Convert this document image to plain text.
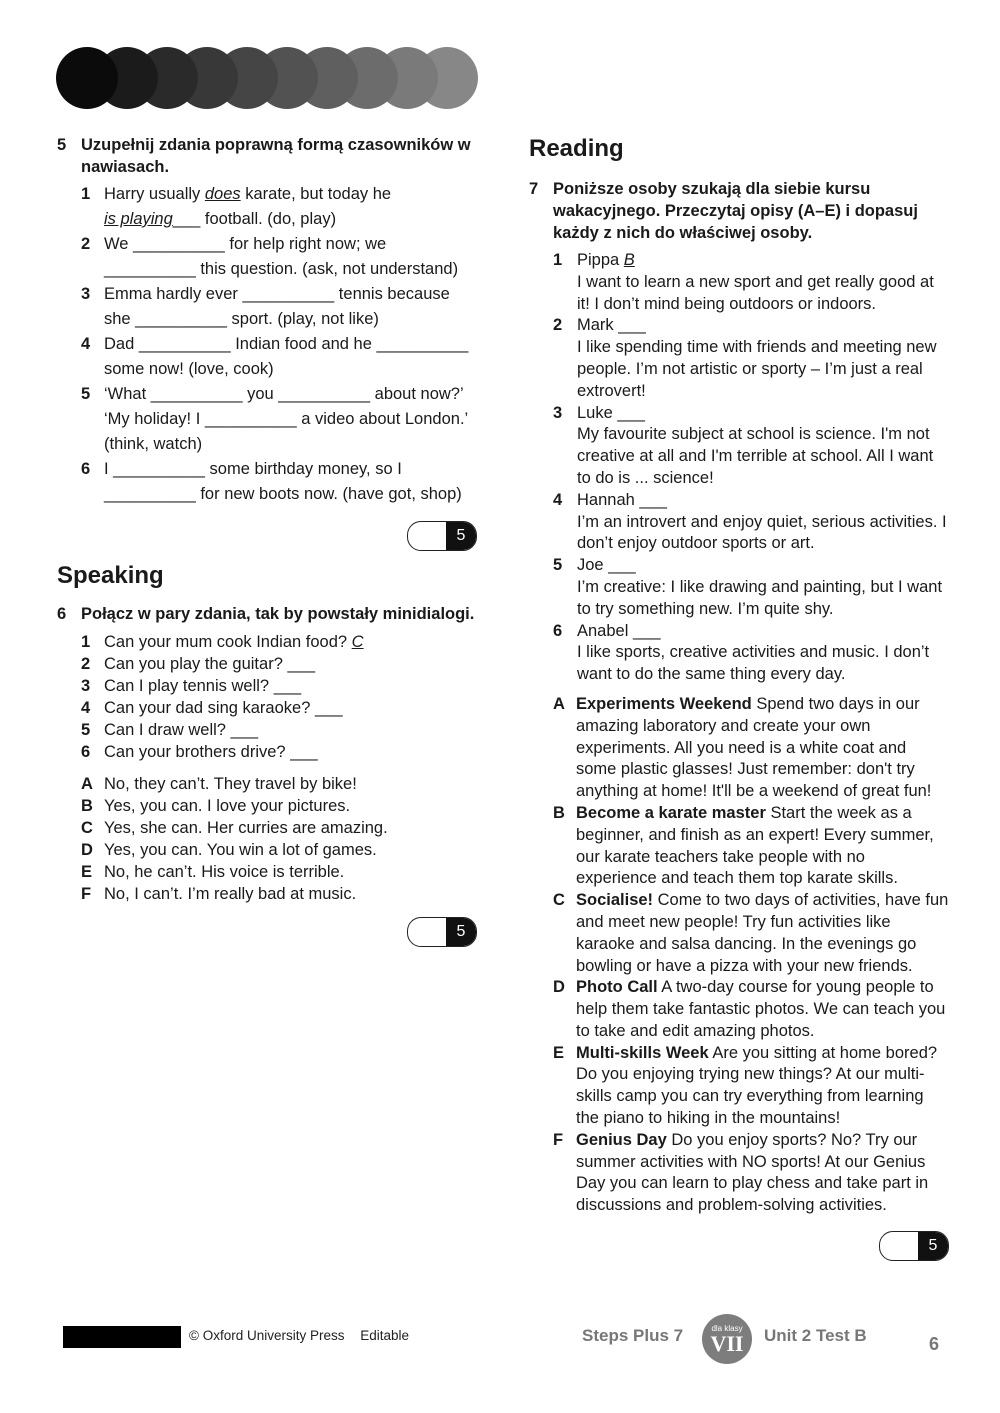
5 Uzupełnij zdania poprawną formą czasowników w nawiasach.
1 Harry usually does karate, but today he
is playing___ football. (do, play)
2 We __________ for help right now; we __________ this question. (ask, not understand)
3 Emma hardly ever __________ tennis because she __________ sport. (play, not like)
4 Dad __________ Indian food and he __________ some now! (love, cook)
5 ‘What __________ you __________ about now?’ ‘My holiday! I __________ a video about London.’ (think, watch)
6 I __________ some birthday money, so I __________ for new boots now. (have got, shop)
5
Speaking
6 Połącz w pary zdania, tak by powstały minidialogi.
1 Can your mum cook Indian food? C
2 Can you play the guitar? ___
3 Can I play tennis well? ___
4 Can your dad sing karaoke? ___
5 Can I draw well? ___
6 Can your brothers drive? ___
A No, they can’t. They travel by bike!
B Yes, you can. I love your pictures.
C Yes, she can. Her curries are amazing.
D Yes, you can. You win a lot of games.
E No, he can’t. His voice is terrible.
F No, I can’t. I’m really bad at music.
5
Reading
7 Poniższe osoby szukają dla siebie kursu wakacyjnego. Przeczytaj opisy (A–E) i dopasuj każdy z nich do właściwej osoby.
1 Pippa B
I want to learn a new sport and get really good at it! I don’t mind being outdoors or indoors.
2 Mark ___
I like spending time with friends and meeting new people. I’m not artistic or sporty – I’m just a real extrovert!
3 Luke ___
My favourite subject at school is science. I'm not creative at all and I'm terrible at school. All I want to do is ... science!
4 Hannah ___
I’m an introvert and enjoy quiet, serious activities. I don’t enjoy outdoor sports or art.
5 Joe ___
I’m creative: I like drawing and painting, but I want to try something new. I’m quite shy.
6 Anabel ___
I like sports, creative activities and music. I don’t want to do the same thing every day.
A Experiments Weekend Spend two days in our amazing laboratory and create your own experiments. All you need is a white coat and some plastic glasses! Just remember: don't try anything at home! It'll be a weekend of great fun!
B Become a karate master Start the week as a beginner, and finish as an expert! Every summer, our karate teachers take people with no experience and teach them top karate skills.
C Socialise! Come to two days of activities, have fun and meet new people! Try fun activities like karaoke and salsa dancing. In the evenings go bowling or have a pizza with your new friends.
D Photo Call A two-day course for young people to help them take fantastic photos. We can teach you to take and edit amazing photos.
E Multi-skills Week Are you sitting at home bored? Do you enjoying trying new things? At our multi-skills camp you can try everything from learning the piano to hiking in the mountains!
F Genius Day Do you enjoy sports? No? Try our summer activities with NO sports! At our Genius Day you can learn to play chess and take part in discussions and problem-solving activities.
5
© Oxford University Press Editable	Steps Plus 7	dla klasy
VII Unit 2 Test B	6
